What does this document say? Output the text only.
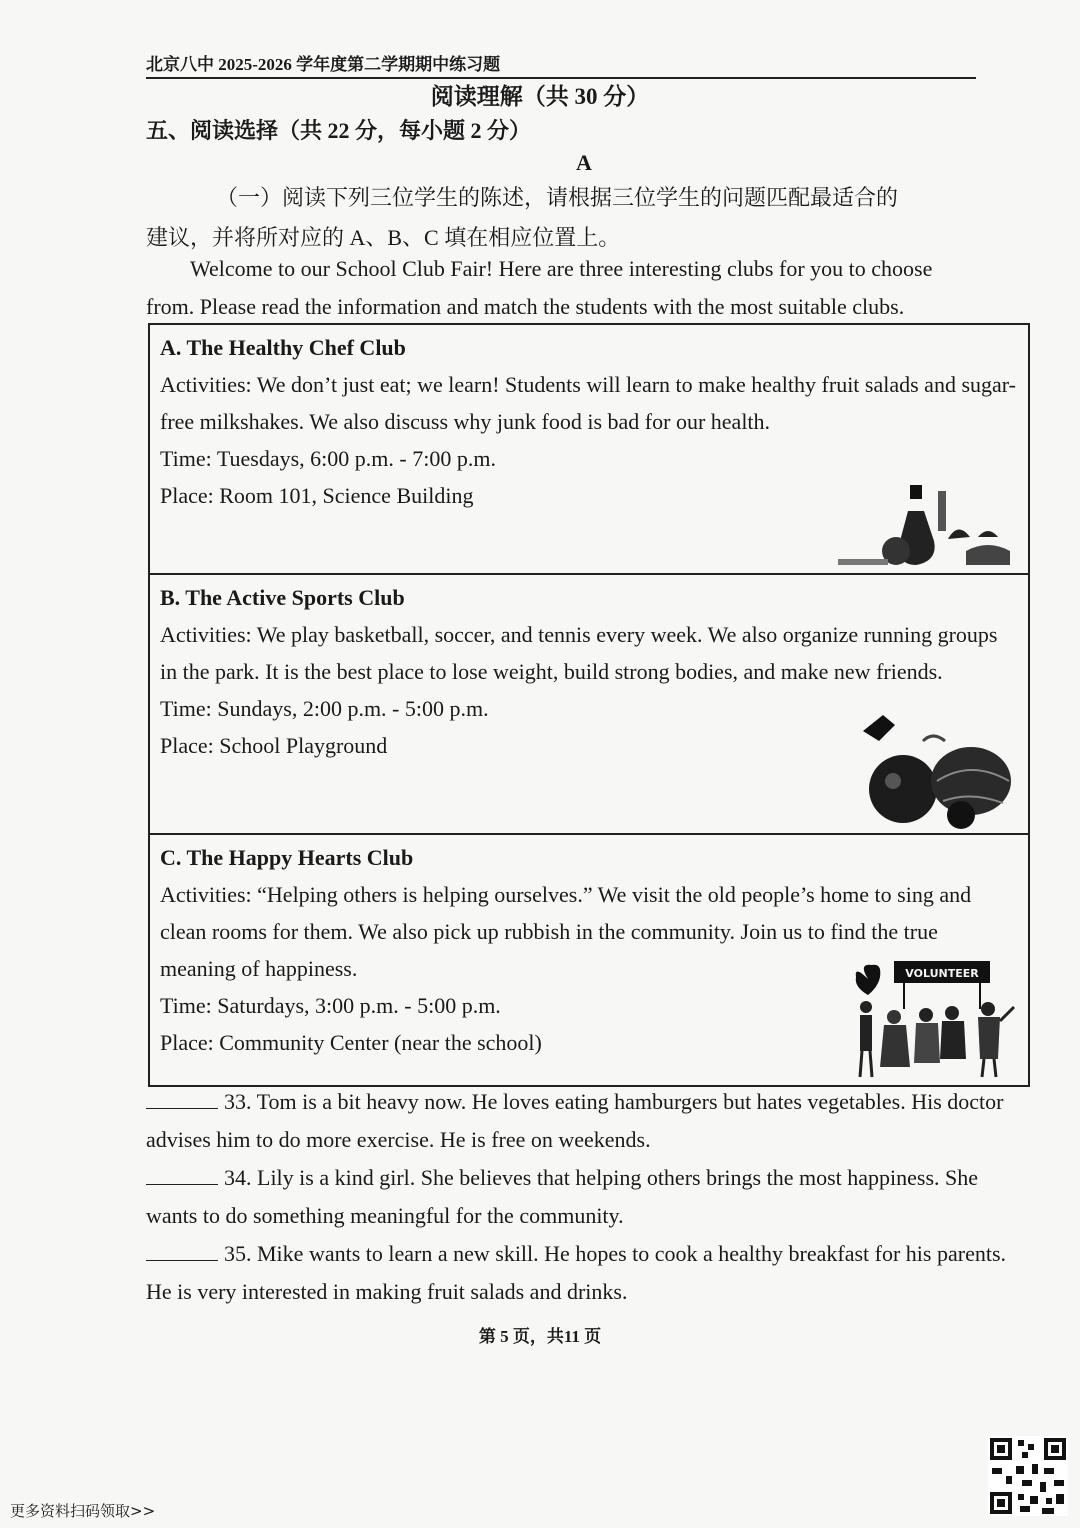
北京八中 2025-2026 学年度第二学期期中练习题
阅读理解（共 30 分）
五、阅读选择（共 22 分，每小题 2 分）
A
（一）阅读下列三位学生的陈述，请根据三位学生的问题匹配最适合的
建议，并将所对应的 A、B、C 填在相应位置上。
Welcome to our School Club Fair! Here are three interesting clubs for you to choose
from. Please read the information and match the students with the most suitable clubs.
A. The Healthy Chef Club
Activities: We don’t just eat; we learn! Students will learn to make healthy fruit salads and sugar-free milkshakes. We also discuss why junk food is bad for our health.
Time: Tuesdays, 6:00 p.m. - 7:00 p.m.
Place: Room 101, Science Building
B. The Active Sports Club
Activities: We play basketball, soccer, and tennis every week. We also organize running groups in the park. It is the best place to lose weight, build strong bodies, and make new friends.
Time: Sundays, 2:00 p.m. - 5:00 p.m.
Place: School Playground
C. The Happy Hearts Club
Activities: “Helping others is helping ourselves.” We visit the old people’s home to sing and clean rooms for them. We also pick up rubbish in the community. Join us to find the true meaning of happiness.
Time: Saturdays, 3:00 p.m. - 5:00 p.m.
Place: Community Center (near the school)
VOLUNTEER
33. Tom is a bit heavy now. He loves eating hamburgers but hates vegetables. His doctor advises him to do more exercise. He is free on weekends.
34. Lily is a kind girl. She believes that helping others brings the most happiness. She wants to do something meaningful for the community.
35. Mike wants to learn a new skill. He hopes to cook a healthy breakfast for his parents. He is very interested in making fruit salads and drinks.
第 5 页，共11 页
更多资料扫码领取>>
